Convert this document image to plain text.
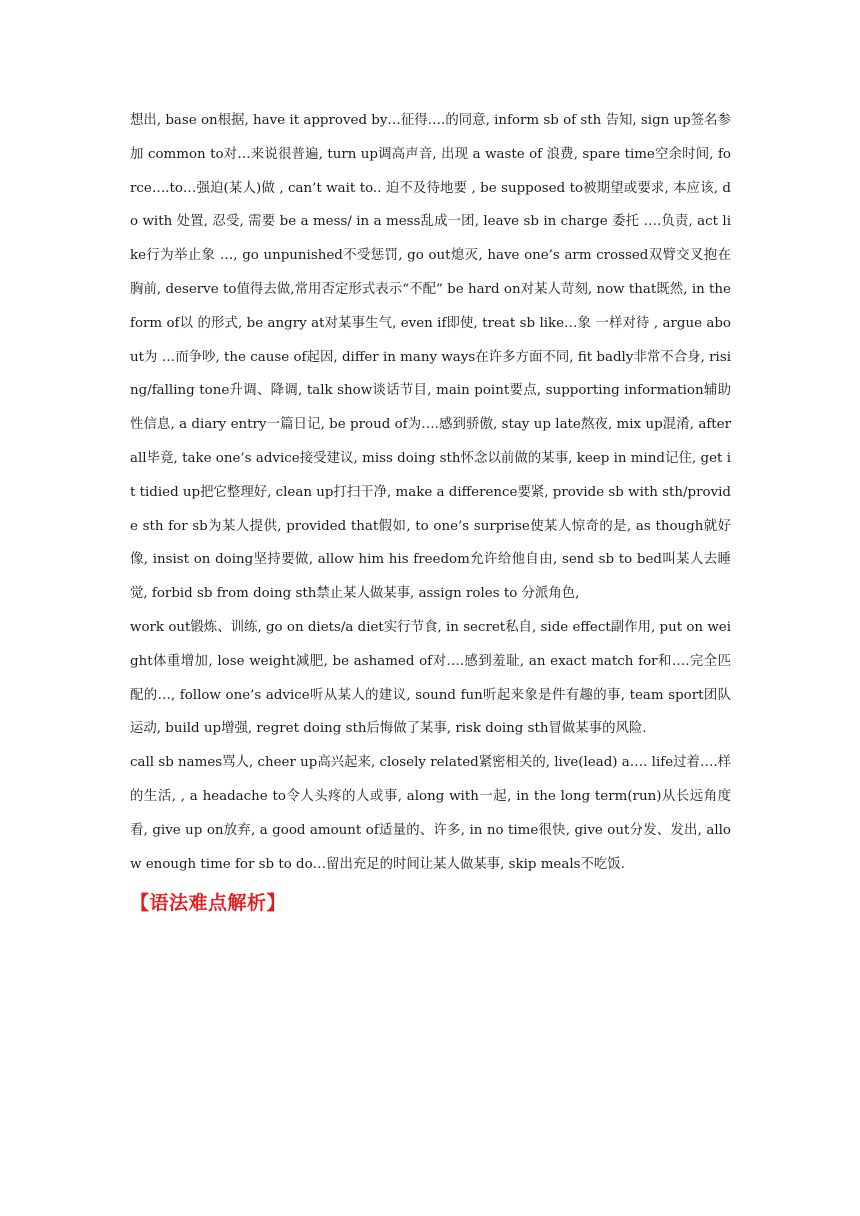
想出, base on根据, have it approved by…征得….的同意, inform sb of sth 告知, sign up签名参加 common to对…来说很普遍, turn up调高声音, 出现 a waste of 浪费, spare time空余时间, force….to…强迫(某人)做 , can’t wait to.. 迫不及待地要 , be supposed to被期望或要求, 本应该, do with 处置, 忍受, 需要 be a mess/ in a mess乱成一团, leave sb in charge 委托 ….负责, act like行为举止象 …, go unpunished不受惩罚, go out熄灭, have one’s arm crossed双臂交叉抱在胸前, deserve to值得去做,常用否定形式表示“不配” be hard on对某人苛刻, now that既然, in the form of以 的形式, be angry at对某事生气, even if即使, treat sb like…象 一样对待 , argue about为 …而争吵, the cause of起因, differ in many ways在许多方面不同, fit badly非常不合身, rising/falling tone升调、降调, talk show谈话节目, main point要点, supporting information辅助性信息, a diary entry一篇日记, be proud of为….感到骄傲, stay up late熬夜, mix up混淆, after all毕竟, take one’s advice接受建议, miss doing sth怀念以前做的某事, keep in mind记住, get it tidied up把它整理好, clean up打扫干净, make a difference要紧, provide sb with sth/provide sth for sb为某人提供, provided that假如, to one’s surprise使某人惊奇的是, as though就好像, insist on doing坚持要做, allow him his freedom允许给他自由, send sb to bed叫某人去睡觉, forbid sb from doing sth禁止某人做某事, assign roles to 分派角色,

work out锻炼、训练, go on diets/a diet实行节食, in secret私自, side effect副作用, put on weight体重增加, lose weight减肥, be ashamed of对….感到羞耻, an exact match for和….完全匹配的…, follow one’s advice听从某人的建议, sound fun听起来象是件有趣的事, team sport团队运动, build up增强, regret doing sth后悔做了某事, risk doing sth冒做某事的风险.

call sb names骂人, cheer up高兴起来, closely related紧密相关的, live(lead) a…. life过着….样的生活, , a headache to令人头疼的人或事, along with一起, in the long term(run)从长远角度看, give up on放弃, a good amount of适量的、许多, in no time很快, give out分发、发出, allow enough time for sb to do…留出充足的时间让某人做某事, skip meals不吃饭.

【语法难点解析】
